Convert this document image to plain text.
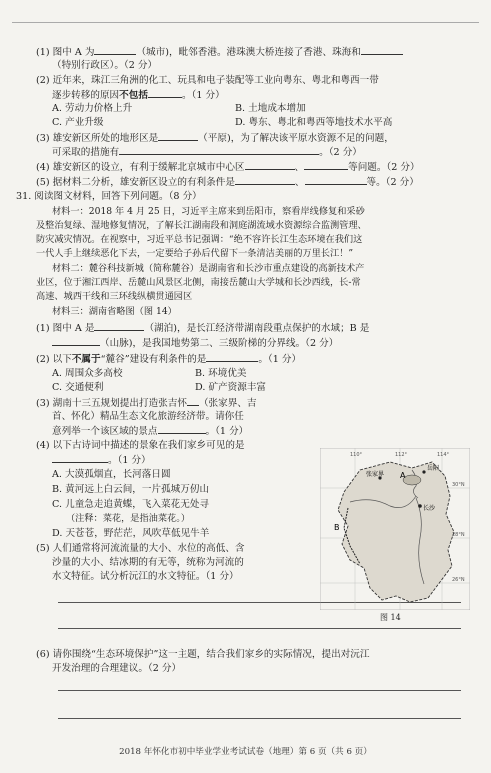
(1) 图中 A 为	（城市)，毗邻香港。港珠澳大桥连接了香港、珠海和
（特别行政区）。（2 分）
(2) 近年来，珠江三角洲的化工、玩具和电子装配等工业向粤东、粤北和粤西一带
逐步转移的原因不包括	。（1 分）
A. 劳动力价格上升	B. 土地成本增加
C. 产业升级	D. 粤东、粤北和粤西等地技术水平高
(3) 雄安新区所处的地形区是	（平原)，为了解决该平原水资源不足的问题，
可采取的措施有	。（2 分）
(4) 雄安新区的设立，有利于缓解北京城市中心区	、	等问题。（2 分）
(5) 据材料二分析，雄安新区设立的有利条件是	、	等。（2 分）
31. 阅读图文材料，回答下列问题。（8 分）
材料一：2018 年 4 月 25 日，习近平主席来到岳阳市，察看岸线修复和采砂
及整治复绿、湿地修复情况，了解长江湖南段和洞庭湖流域水资源综合监测管理、
防灾减灾情况。在视察中，习近平总书记强调：“绝不容许长江生态环境在我们这
一代人手上继续恶化下去，一定要给子孙后代留下一条清洁美丽的万里长江！”
材料二：麓谷科技新城（简称麓谷）是湖南省和长沙市重点建设的高新技术产
业区，位于湘江西岸、岳麓山风景区北侧，南接岳麓山大学城和长沙西线，长-常
高速、城西干线和三环线纵横贯通园区
材料三：湖南省略图（图 14）
(1) 图中 A 是	（湖泊)，是长江经济带湖南段重点保护的水域；B 是
（山脉)，是我国地势第二、三级阶梯的分界线。（2 分）
(2) 以下不属于“麓谷”建设有利条件的是	。（1 分）
A. 周围众多高校	B. 环境优美
C. 交通便利	D. 矿产资源丰富
(3) 湖南十三五规划提出打造张吉怀 （张家界、吉
首、怀化）精品生态文化旅游经济带。请你任
意列举一个该区域的景点	。（1 分）
(4) 以下古诗词中描述的景象在我们家乡可见的是
。（1 分）
A. 大漠孤烟直，长河落日圆
B. 黄河远上白云间，一片孤城万仞山
C. 儿童急走追黄蝶，飞入菜花无处寻
（注释：菜花，是指油菜花。）
D. 天苍苍，野茫茫，风吹草低见牛羊
(5) 人们通常将河流流量的大小、水位的高低、含
沙量的大小、结冰期的有无等，统称为河流的
水文特征。试分析沅江的水文特征。（1 分）
(6) 请你围绕“生态环境保护”这一主题，结合我们家乡的实际情况，提出对沅江
开发治理的合理建议。（2 分）
A
B
长沙
张家界
岳阳
110°	112°	114°
30°N
28°N
26°N
图 14
2018 年怀化市初中毕业学业考试试卷（地理）第 6 页（共 6 页）
